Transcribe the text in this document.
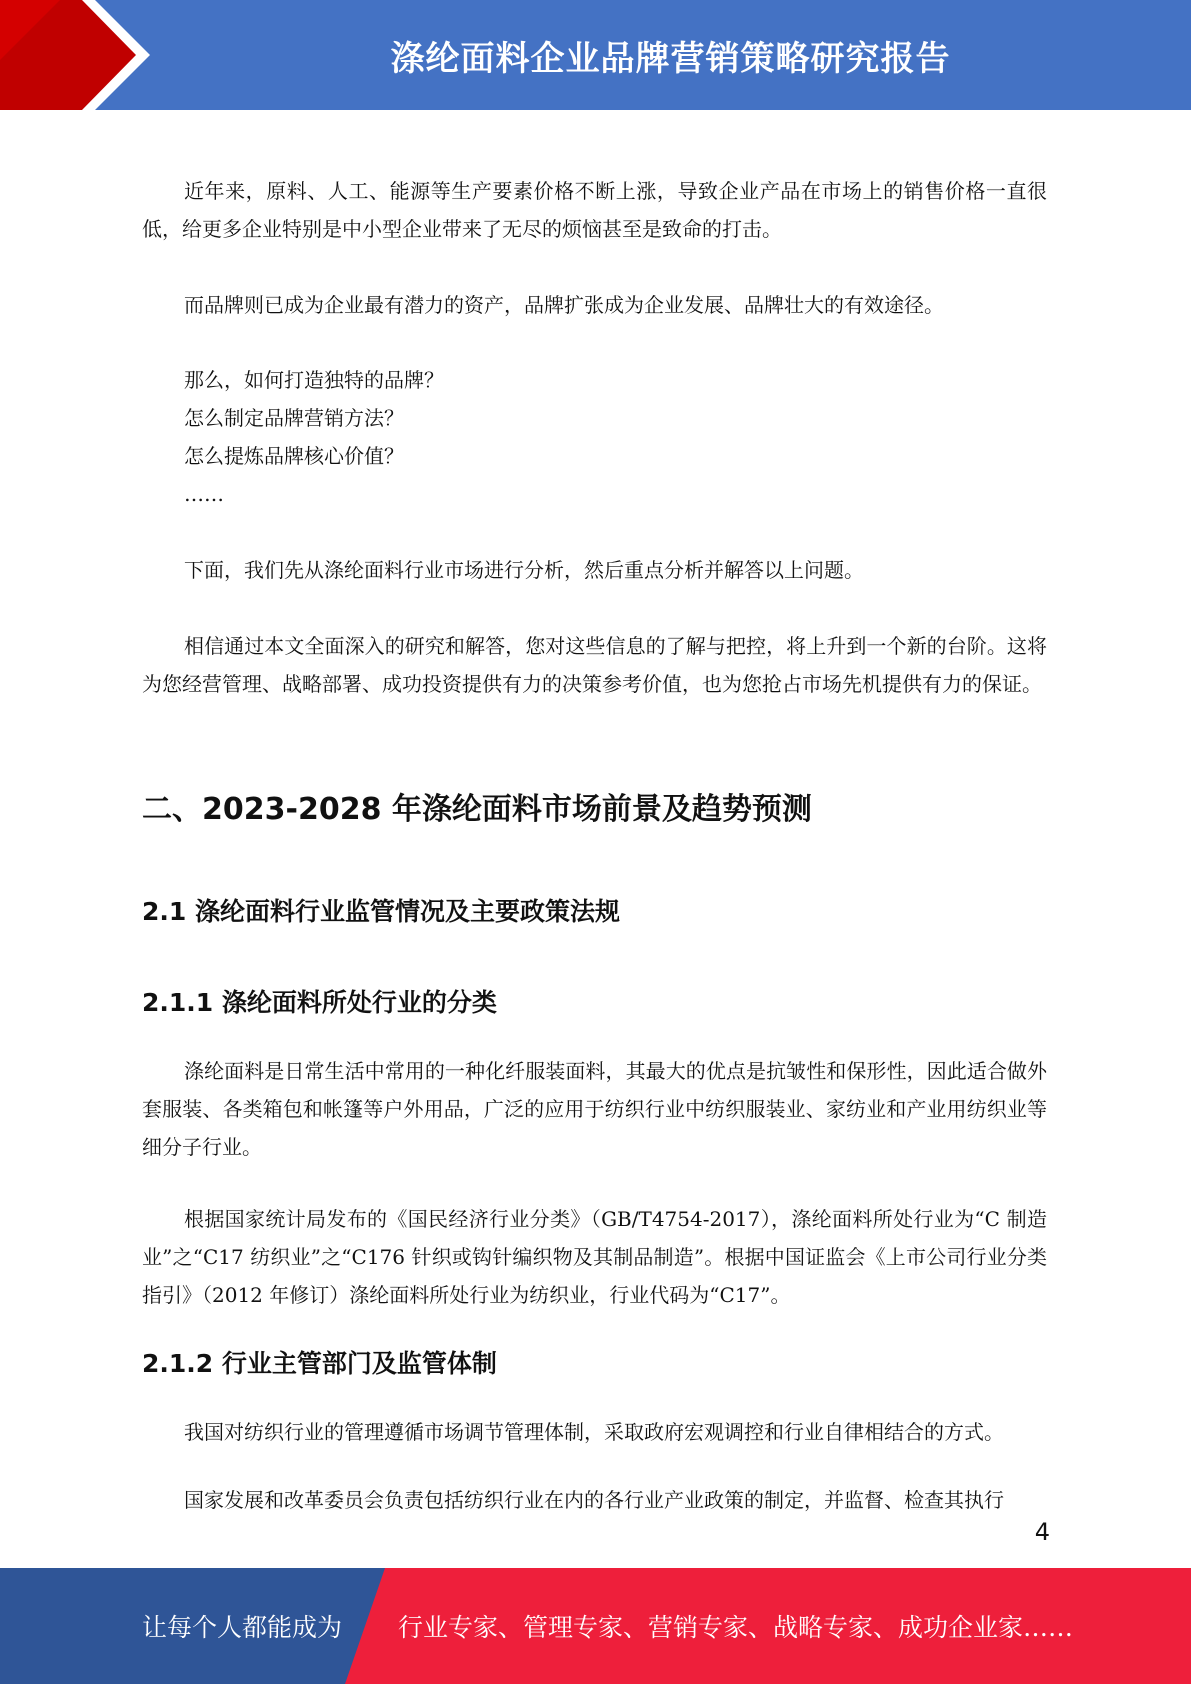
涤纶面料企业品牌营销策略研究报告

近年来，原料、人工、能源等生产要素价格不断上涨，导致企业产品在市场上的销售价格一直很低，给更多企业特别是中小型企业带来了无尽的烦恼甚至是致命的打击。

而品牌则已成为企业最有潜力的资产，品牌扩张成为企业发展、品牌壮大的有效途径。

那么，如何打造独特的品牌？

怎么制定品牌营销方法？

怎么提炼品牌核心价值？

……

下面，我们先从涤纶面料行业市场进行分析，然后重点分析并解答以上问题。

相信通过本文全面深入的研究和解答，您对这些信息的了解与把控，将上升到一个新的台阶。这将为您经营管理、战略部署、成功投资提供有力的决策参考价值，也为您抢占市场先机提供有力的保证。

二、2023-2028 年涤纶面料市场前景及趋势预测
2.1 涤纶面料行业监管情况及主要政策法规
2.1.1 涤纶面料所处行业的分类

涤纶面料是日常生活中常用的一种化纤服装面料，其最大的优点是抗皱性和保形性，因此适合做外套服装、各类箱包和帐篷等户外用品，广泛的应用于纺织行业中纺织服装业、家纺业和产业用纺织业等细分子行业。

根据国家统计局发布的《国民经济行业分类》（GB/T4754-2017），涤纶面料所处行业为“C 制造业”之“C17 纺织业”之“C176 针织或钩针编织物及其制品制造”。根据中国证监会《上市公司行业分类指引》（2012 年修订）涤纶面料所处行业为纺织业，行业代码为“C17”。

2.1.2 行业主管部门及监管体制

我国对纺织行业的管理遵循市场调节管理体制，采取政府宏观调控和行业自律相结合的方式。

国家发展和改革委员会负责包括纺织行业在内的各行业产业政策的制定，并监督、检查其执行

4
让每个人都能成为 行业专家、管理专家、营销专家、战略专家、成功企业家……
